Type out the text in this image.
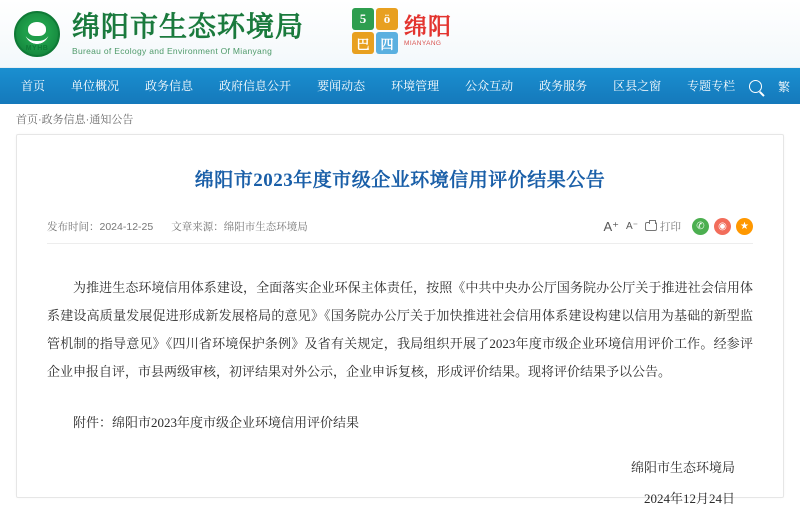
MYHB
绵阳市生态环境局
Bureau of Ecology and Environment Of Mianyang
5	ö
巴 四
绵阳
MIANYANG
首页	​单位概况	政务信息	政府信息公开	要闻动态	环境管理	公众互动	政务服务	区县之窗	专题专栏	繁
首页·政务信息·通知公告
绵阳市2023年度市级企业环境信用评价结果公告
发布时间：2024-12-25 文章来源：绵阳市生态环境局	A⁺ A⁻ 打印	✆	◉	★

为推进生态环境信用体系建设，全面落实企业环保主体责任，按照《中共中央办公厅国务院办公厅关于推进社会信用体系建设高质量发展促进形成新发展格局的意见》《国务院办公厅关于加快推进社会信用体系建设构建以信用为基础的新型监管机制的指导意见》《四川省环境保护条例》及省有关规定，我局组织开展了2023年度市级企业环境信用评价工作。经参评企业申报自评，市县两级审核，初评结果对外公示，企业申诉复核，形成评价结果。现将评价结果予以公告。

附件：绵阳市2023年度市级企业环境信用评价结果
绵阳市生态环境局
2024年12月24日
